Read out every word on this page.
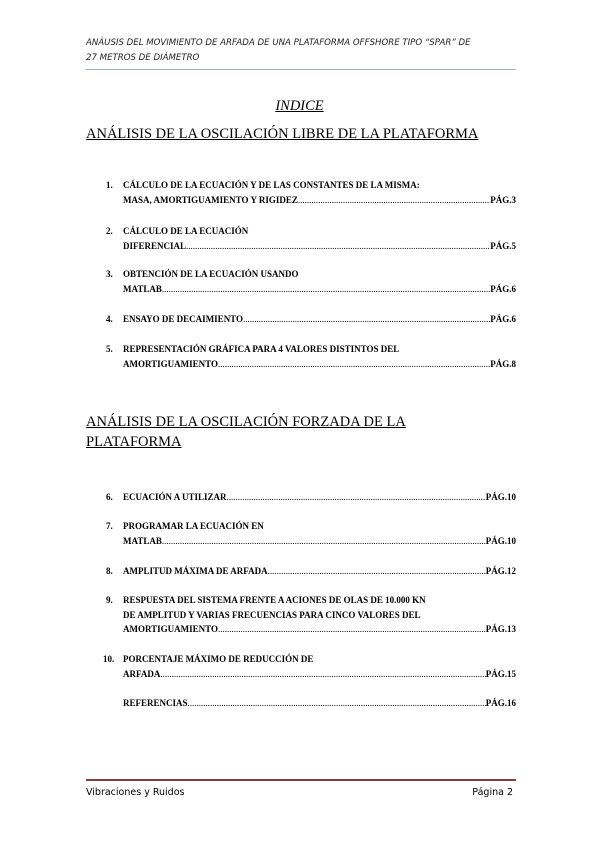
ANÁUSIS DEL MOVIMIENTO DE ARFADA DE UNA PLATAFORMA OFFSHORE TIPO “SPAR” DE
27 METROS DE DIÁMETRO
INDICE
ANÁLISIS DE LA OSCILACIÓN LIBRE DE LA PLATAFORMA
1. CÁLCULO DE LA ECUACIÓN Y DE LAS CONSTANTES DE LA MISMA:
MASA, AMORTIGUAMIENTO Y RIGIDEZ .....	PÁG.3
2. CÁLCULO DE LA ECUACIÓN
DIFERENCIAL .....	PÁG.5
3. OBTENCIÓN DE LA ECUACIÓN USANDO
MATLAB .....	PÁG.6
4. ENSAYO DE DECAIMIENTO .....	PÁG.6
5. REPRESENTACIÓN GRÁFICA PARA 4 VALORES DISTINTOS DEL
AMORTIGUAMIENTO .....	PÁG.8
ANÁLISIS DE LA OSCILACIÓN FORZADA DE LA
PLATAFORMA
6. ECUACIÓN A UTILIZAR .....	PÁG.10
7. PROGRAMAR LA ECUACIÓN EN
MATLAB .....	PÁG.10
8. AMPLITUD MÁXIMA DE ARFADA .....	PÁG.12
9. RESPUESTA DEL SISTEMA FRENTE A ACIONES DE OLAS DE 10.000 KN
DE AMPLITUD Y VARIAS FRECUENCIAS PARA CINCO VALORES DEL
AMORTIGUAMIENTO .....	PÁG.13
10. PORCENTAJE MÁXIMO DE REDUCCIÓN DE
ARFADA .....	PÁG.15
REFERENCIAS .....	PÁG.16
Vibraciones y Ruidos	Página 2
